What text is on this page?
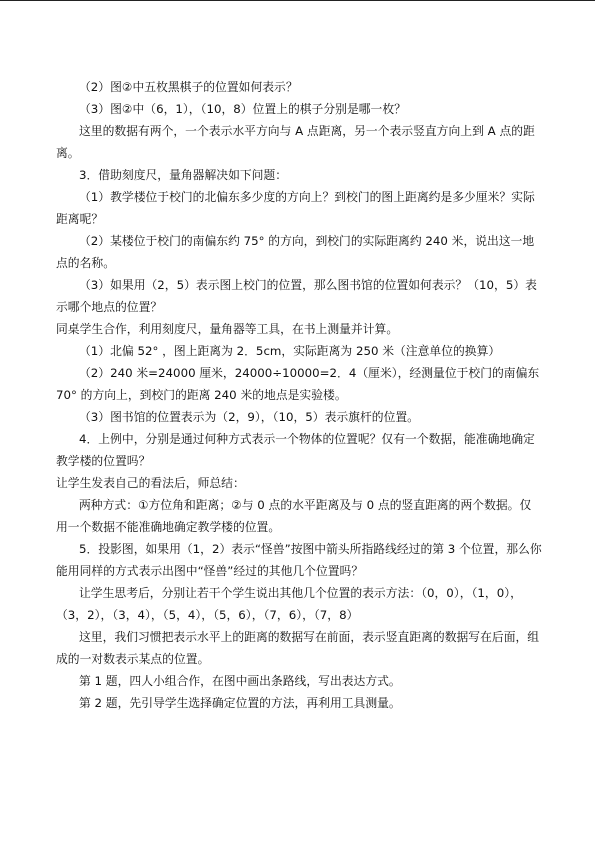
（2）图②中五枚黑棋子的位置如何表示？

（3）图②中（6，1），（10，8）位置上的棋子分别是哪一枚？

这里的数据有两个，一个表示水平方向与 A 点距离，另一个表示竖直方向上到 A 点的距离。

3．借助刻度尺，量角器解决如下问题：

（1）教学楼位于校门的北偏东多少度的方向上？到校门的图上距离约是多少厘米？实际距离呢？

（2）某楼位于校门的南偏东约 75° 的方向，到校门的实际距离约 240 米，说出这一地点的名称。

（3）如果用（2，5）表示图上校门的位置，那么图书馆的位置如何表示？（10，5）表示哪个地点的位置？

同桌学生合作，利用刻度尺，量角器等工具，在书上测量并计算。

（1）北偏 52° ，图上距离为 2．5cm，实际距离为 250 米（注意单位的换算）

（2）240 米=24000 厘米，24000÷10000=2．4（厘米），经测量位于校门的南偏东 70° 的方向上，到校门的距离 240 米的地点是实验楼。

（3）图书馆的位置表示为（2，9），（10，5）表示旗杆的位置。

4．上例中，分别是通过何种方式表示一个物体的位置呢？仅有一个数据，能准确地确定教学楼的位置吗？

让学生发表自己的看法后，师总结：

两种方式：①方位角和距离；②与 0 点的水平距离及与 0 点的竖直距离的两个数据。仅用一个数据不能准确地确定教学楼的位置。

5．投影图，如果用（1，2）表示“怪兽”按图中箭头所指路线经过的第 3 个位置，那么你能用同样的方式表示出图中“怪兽”经过的其他几个位置吗？

让学生思考后，分别让若干个学生说出其他几个位置的表示方法：（0，0），（1，0），（3，2），（3，4），（5，4），（5，6），（7，6），（7，8）

这里，我们习惯把表示水平上的距离的数据写在前面，表示竖直距离的数据写在后面，组成的一对数表示某点的位置。

第 1 题，四人小组合作，在图中画出条路线，写出表达方式。

第 2 题，先引导学生选择确定位置的方法，再利用工具测量。
